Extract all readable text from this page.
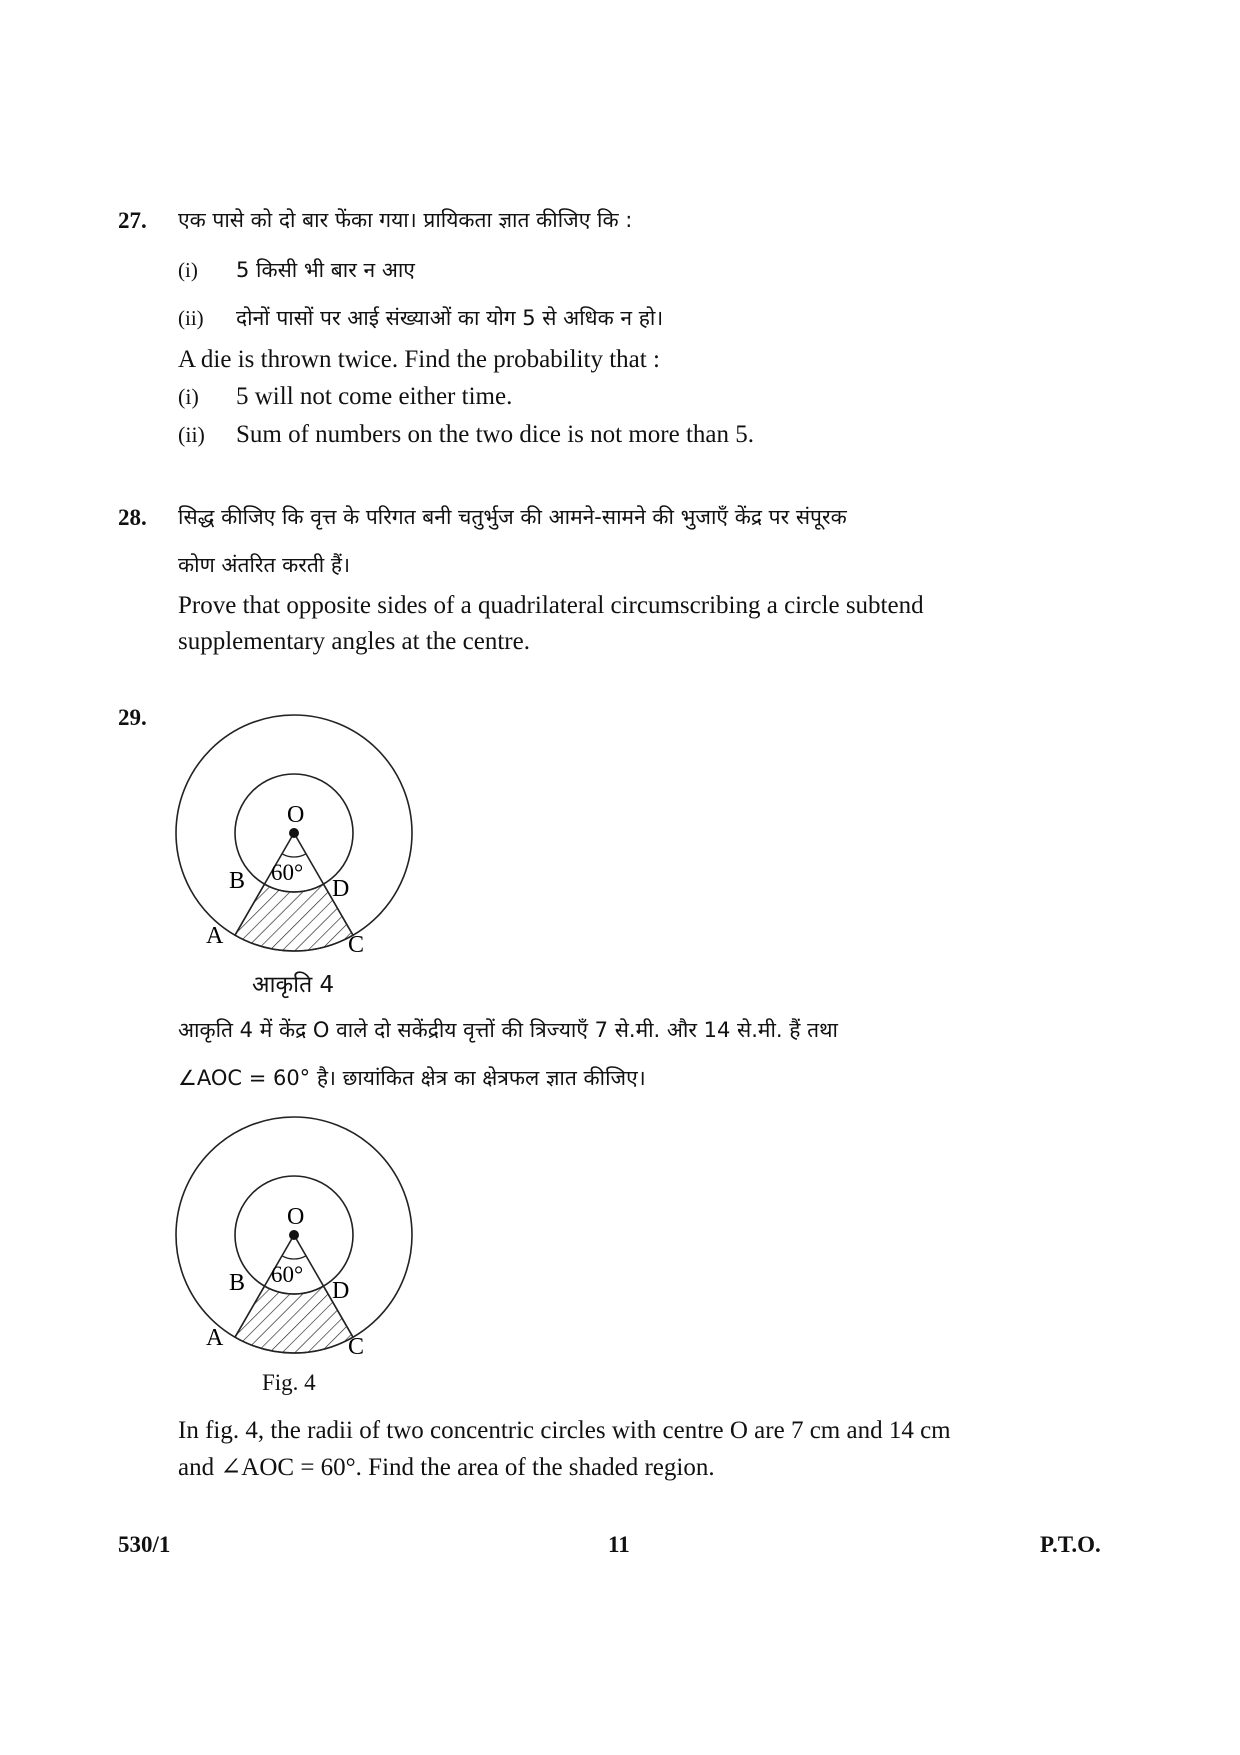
27. एक पासे को दो बार फेंका गया। प्रायिकता ज्ञात कीजिए कि :
(i) 5 किसी भी बार न आए
(ii) दोनों पासों पर आई संख्याओं का योग 5 से अधिक न हो।
A die is thrown twice. Find the probability that :
(i) 5 will not come either time.
(ii) Sum of numbers on the two dice is not more than 5.
28. सिद्ध कीजिए कि वृत्त के परिगत बनी चतुर्भुज की आमने-सामने की भुजाएँ केंद्र पर संपूरक
कोण अंतरित करती हैं।
Prove that opposite sides of a quadrilateral circumscribing a circle subtend
supplementary angles at the centre.
29.
O
60°
B	D
A	C
आकृति 4
आकृति 4 में केंद्र O वाले दो सकेंद्रीय वृत्तों की त्रिज्याएँ 7 से.मी. और 14 से.मी. हैं तथा
∠AOC = 60° है। छायांकित क्षेत्र का क्षेत्रफल ज्ञात कीजिए।
O
60°
B	D
A	C
Fig. 4
In fig. 4, the radii of two concentric circles with centre O are 7 cm and 14 cm
and ∠AOC = 60°. Find the area of the shaded region.
530/1	11	P.T.O.
